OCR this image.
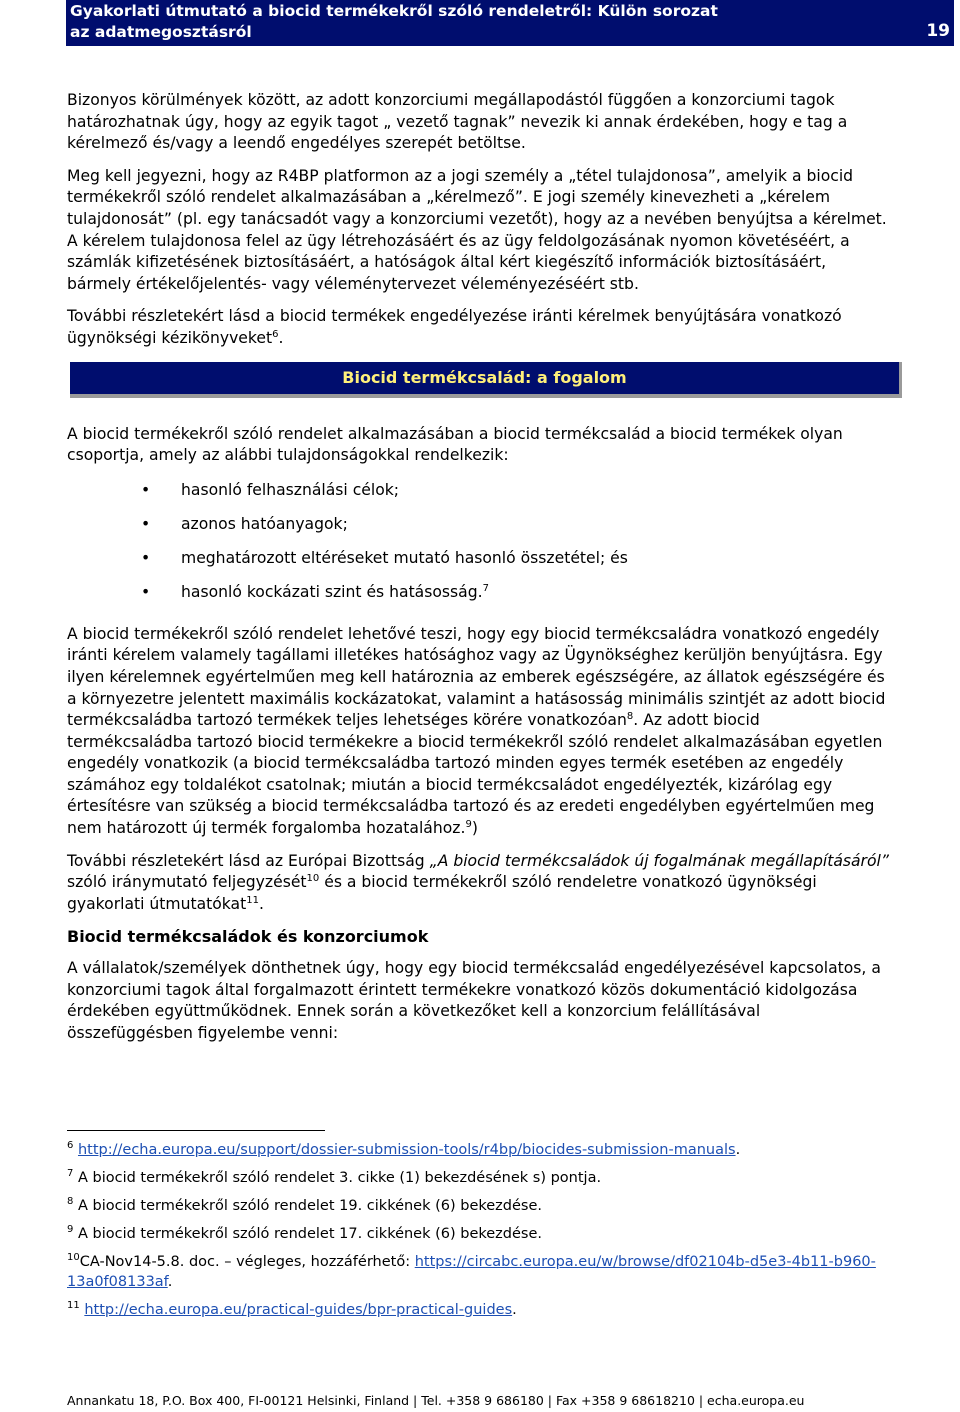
Gyakorlati útmutató a biocid termékekről szóló rendeletről: Külön sorozat
az adatmegosztásról	19

Bizonyos körülmények között, az adott konzorciumi megállapodástól függően a konzorciumi tagok határozhatnak úgy, hogy az egyik tagot „ vezető tagnak” nevezik ki annak érdekében, hogy e tag a kérelmező és/vagy a leendő engedélyes szerepét betöltse.

Meg kell jegyezni, hogy az R4BP platformon az a jogi személy a „tétel tulajdonosa”, amelyik a biocid termékekről szóló rendelet alkalmazásában a „kérelmező”. E jogi személy kinevezheti a „kérelem tulajdonosát” (pl. egy tanácsadót vagy a konzorciumi vezetőt), hogy az a nevében benyújtsa a kérelmet. A kérelem tulajdonosa felel az ügy létrehozásáért és az ügy feldolgozásának nyomon követéséért, a számlák kifizetésének biztosításáért, a hatóságok által kért kiegészítő információk biztosításáért, bármely értékelőjelentés- vagy véleménytervezet véleményezéséért stb.

További részletekért lásd a biocid termékek engedélyezése iránti kérelmek benyújtására vonatkozó ügynökségi kézikönyveket$^6$.

Biocid termékcsalád: a fogalom

A biocid termékekről szóló rendelet alkalmazásában a biocid termékcsalád a biocid termékek olyan csoportja, amely az alábbi tulajdonságokkal rendelkezik:

• hasonló felhasználási célok;
• azonos hatóanyagok;
• meghatározott eltéréseket mutató hasonló összetétel; és
• hasonló kockázati szint és hatásosság.$^7$

A biocid termékekről szóló rendelet lehetővé teszi, hogy egy biocid termékcsaládra vonatkozó engedély iránti kérelem valamely tagállami illetékes hatósághoz vagy az Ügynökséghez kerüljön benyújtásra. Egy ilyen kérelemnek egyértelműen meg kell határoznia az emberek egészségére, az állatok egészségére és a környezetre jelentett maximális kockázatokat, valamint a hatásosság minimális szintjét az adott biocid termékcsaládba tartozó termékek teljes lehetséges körére vonatkozóan$^8$. Az adott biocid termékcsaládba tartozó biocid termékekre a biocid termékekről szóló rendelet alkalmazásában egyetlen engedély vonatkozik (a biocid termékcsaládba tartozó minden egyes termék esetében az engedély számához egy toldalékot csatolnak; miután a biocid termékcsaládot engedélyezték, kizárólag egy értesítésre van szükség a biocid termékcsaládba tartozó és az eredeti engedélyben egyértelműen meg nem határozott új termék forgalomba hozatalához.$^9$)

További részletekért lásd az Európai Bizottság „A biocid termékcsaládok új fogalmának megállapításáról” szóló iránymutató feljegyzését$^{10}$ és a biocid termékekről szóló rendeletre vonatkozó ügynökségi gyakorlati útmutatókat$^{11}$.

Biocid termékcsaládok és konzorciumok

A vállalatok/személyek dönthetnek úgy, hogy egy biocid termékcsalád engedélyezésével kapcsolatos, a konzorciumi tagok által forgalmazott érintett termékekre vonatkozó közös dokumentáció kidolgozása érdekében együttműködnek. Ennek során a következőket kell a konzorcium felállításával összefüggésben figyelembe venni:

$^6$ http://echa.europa.eu/support/dossier-submission-tools/r4bp/biocides-submission-manuals.
$^7$ A biocid termékekről szóló rendelet 3. cikke (1) bekezdésének s) pontja.
$^8$ A biocid termékekről szóló rendelet 19. cikkének (6) bekezdése.
$^9$ A biocid termékekről szóló rendelet 17. cikkének (6) bekezdése.
$^{10}$CA-Nov14-5.8. doc. – végleges, hozzáférhető: https://circabc.europa.eu/w/browse/df02104b-d5e3-4b11-b960-13a0f08133af.
$^{11}$ http://echa.europa.eu/practical-guides/bpr-practical-guides.
Annankatu 18, P.O. Box 400, FI-00121 Helsinki, Finland | Tel. +358 9 686180 | Fax +358 9 68618210 | echa.europa.eu
